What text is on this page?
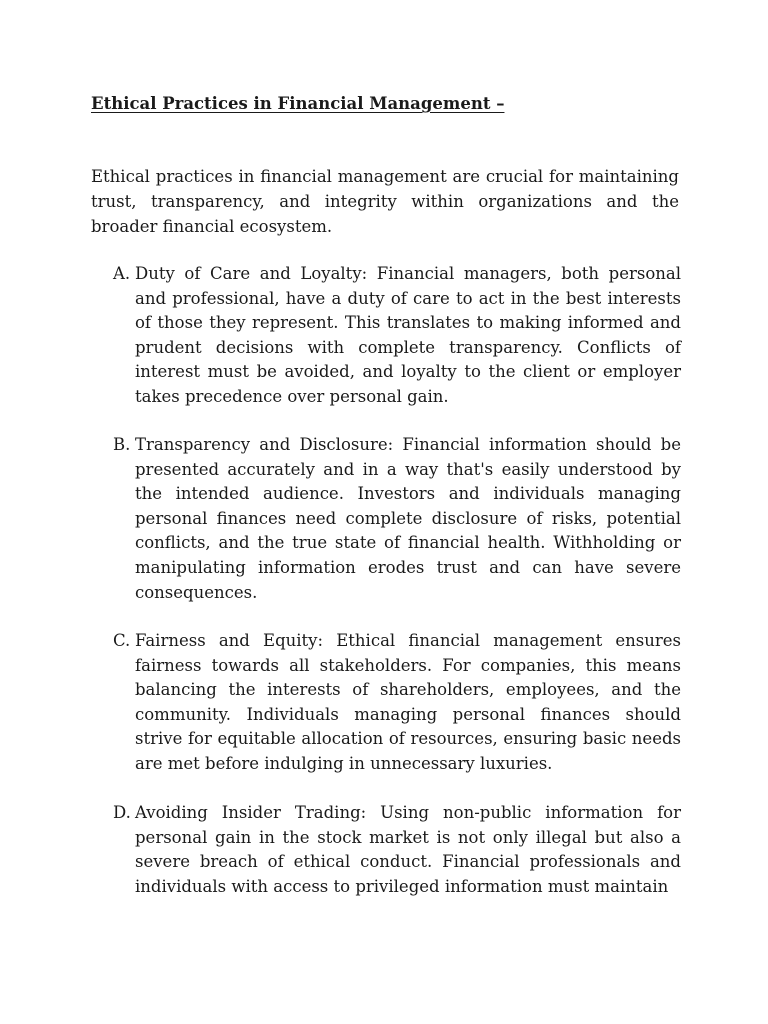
Ethical Practices in Financial Management –

Ethical practices in financial management are crucial for maintaining trust, transparency, and integrity within organizations and the broader financial ecosystem.

A. Duty of Care and Loyalty: Financial managers, both personal and professional, have a duty of care to act in the best interests of those they represent. This translates to making informed and prudent decisions with complete transparency. Conflicts of interest must be avoided, and loyalty to the client or employer takes precedence over personal gain.
B. Transparency and Disclosure: Financial information should be presented accurately and in a way that's easily understood by the intended audience. Investors and individuals managing personal finances need complete disclosure of risks, potential conflicts, and the true state of financial health. Withholding or manipulating information erodes trust and can have severe consequences.
C. Fairness and Equity: Ethical financial management ensures fairness towards all stakeholders. For companies, this means balancing the interests of shareholders, employees, and the community. Individuals managing personal finances should strive for equitable allocation of resources, ensuring basic needs are met before indulging in unnecessary luxuries.
D. Avoiding Insider Trading: Using non-public information for personal gain in the stock market is not only illegal but also a severe breach of ethical conduct. Financial professionals and individuals with access to privileged information must maintain
